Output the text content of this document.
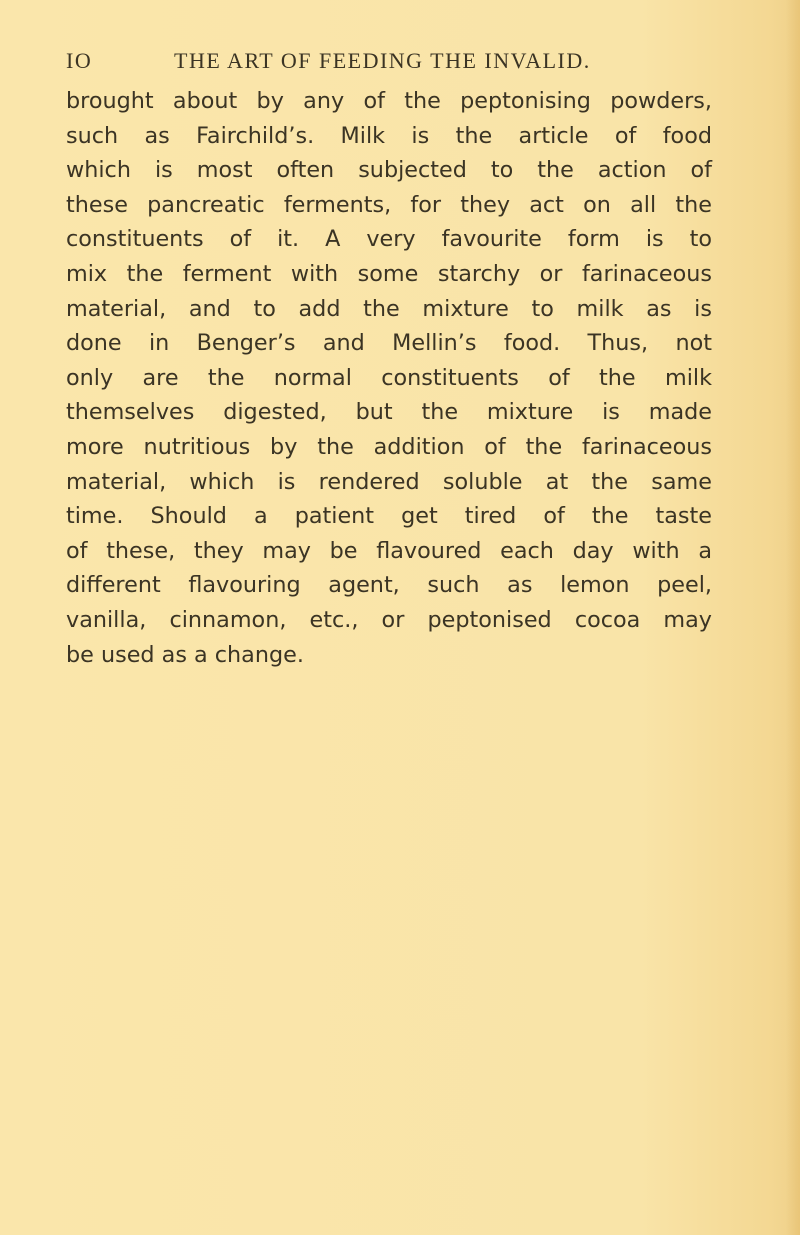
IO	THE ART OF FEEDING THE INVALID.
brought about by any of the peptonising powders,
such as Fairchild’s. Milk is the article of food
which is most often subjected to the action of
these pancreatic ferments, for they act on all the
constituents of it. A very favourite form is to
mix the ferment with some starchy or farinaceous
material, and to add the mixture to milk as is
done in Benger’s and Mellin’s food. Thus, not
only are the normal constituents of the milk
themselves digested, but the mixture is made
more nutritious by the addition of the farinaceous
material, which is rendered soluble at the same
time. Should a patient get tired of the taste
of these, they may be flavoured each day with a
different flavouring agent, such as lemon peel,
vanilla, cinnamon, etc., or peptonised cocoa may
be used as a change.
